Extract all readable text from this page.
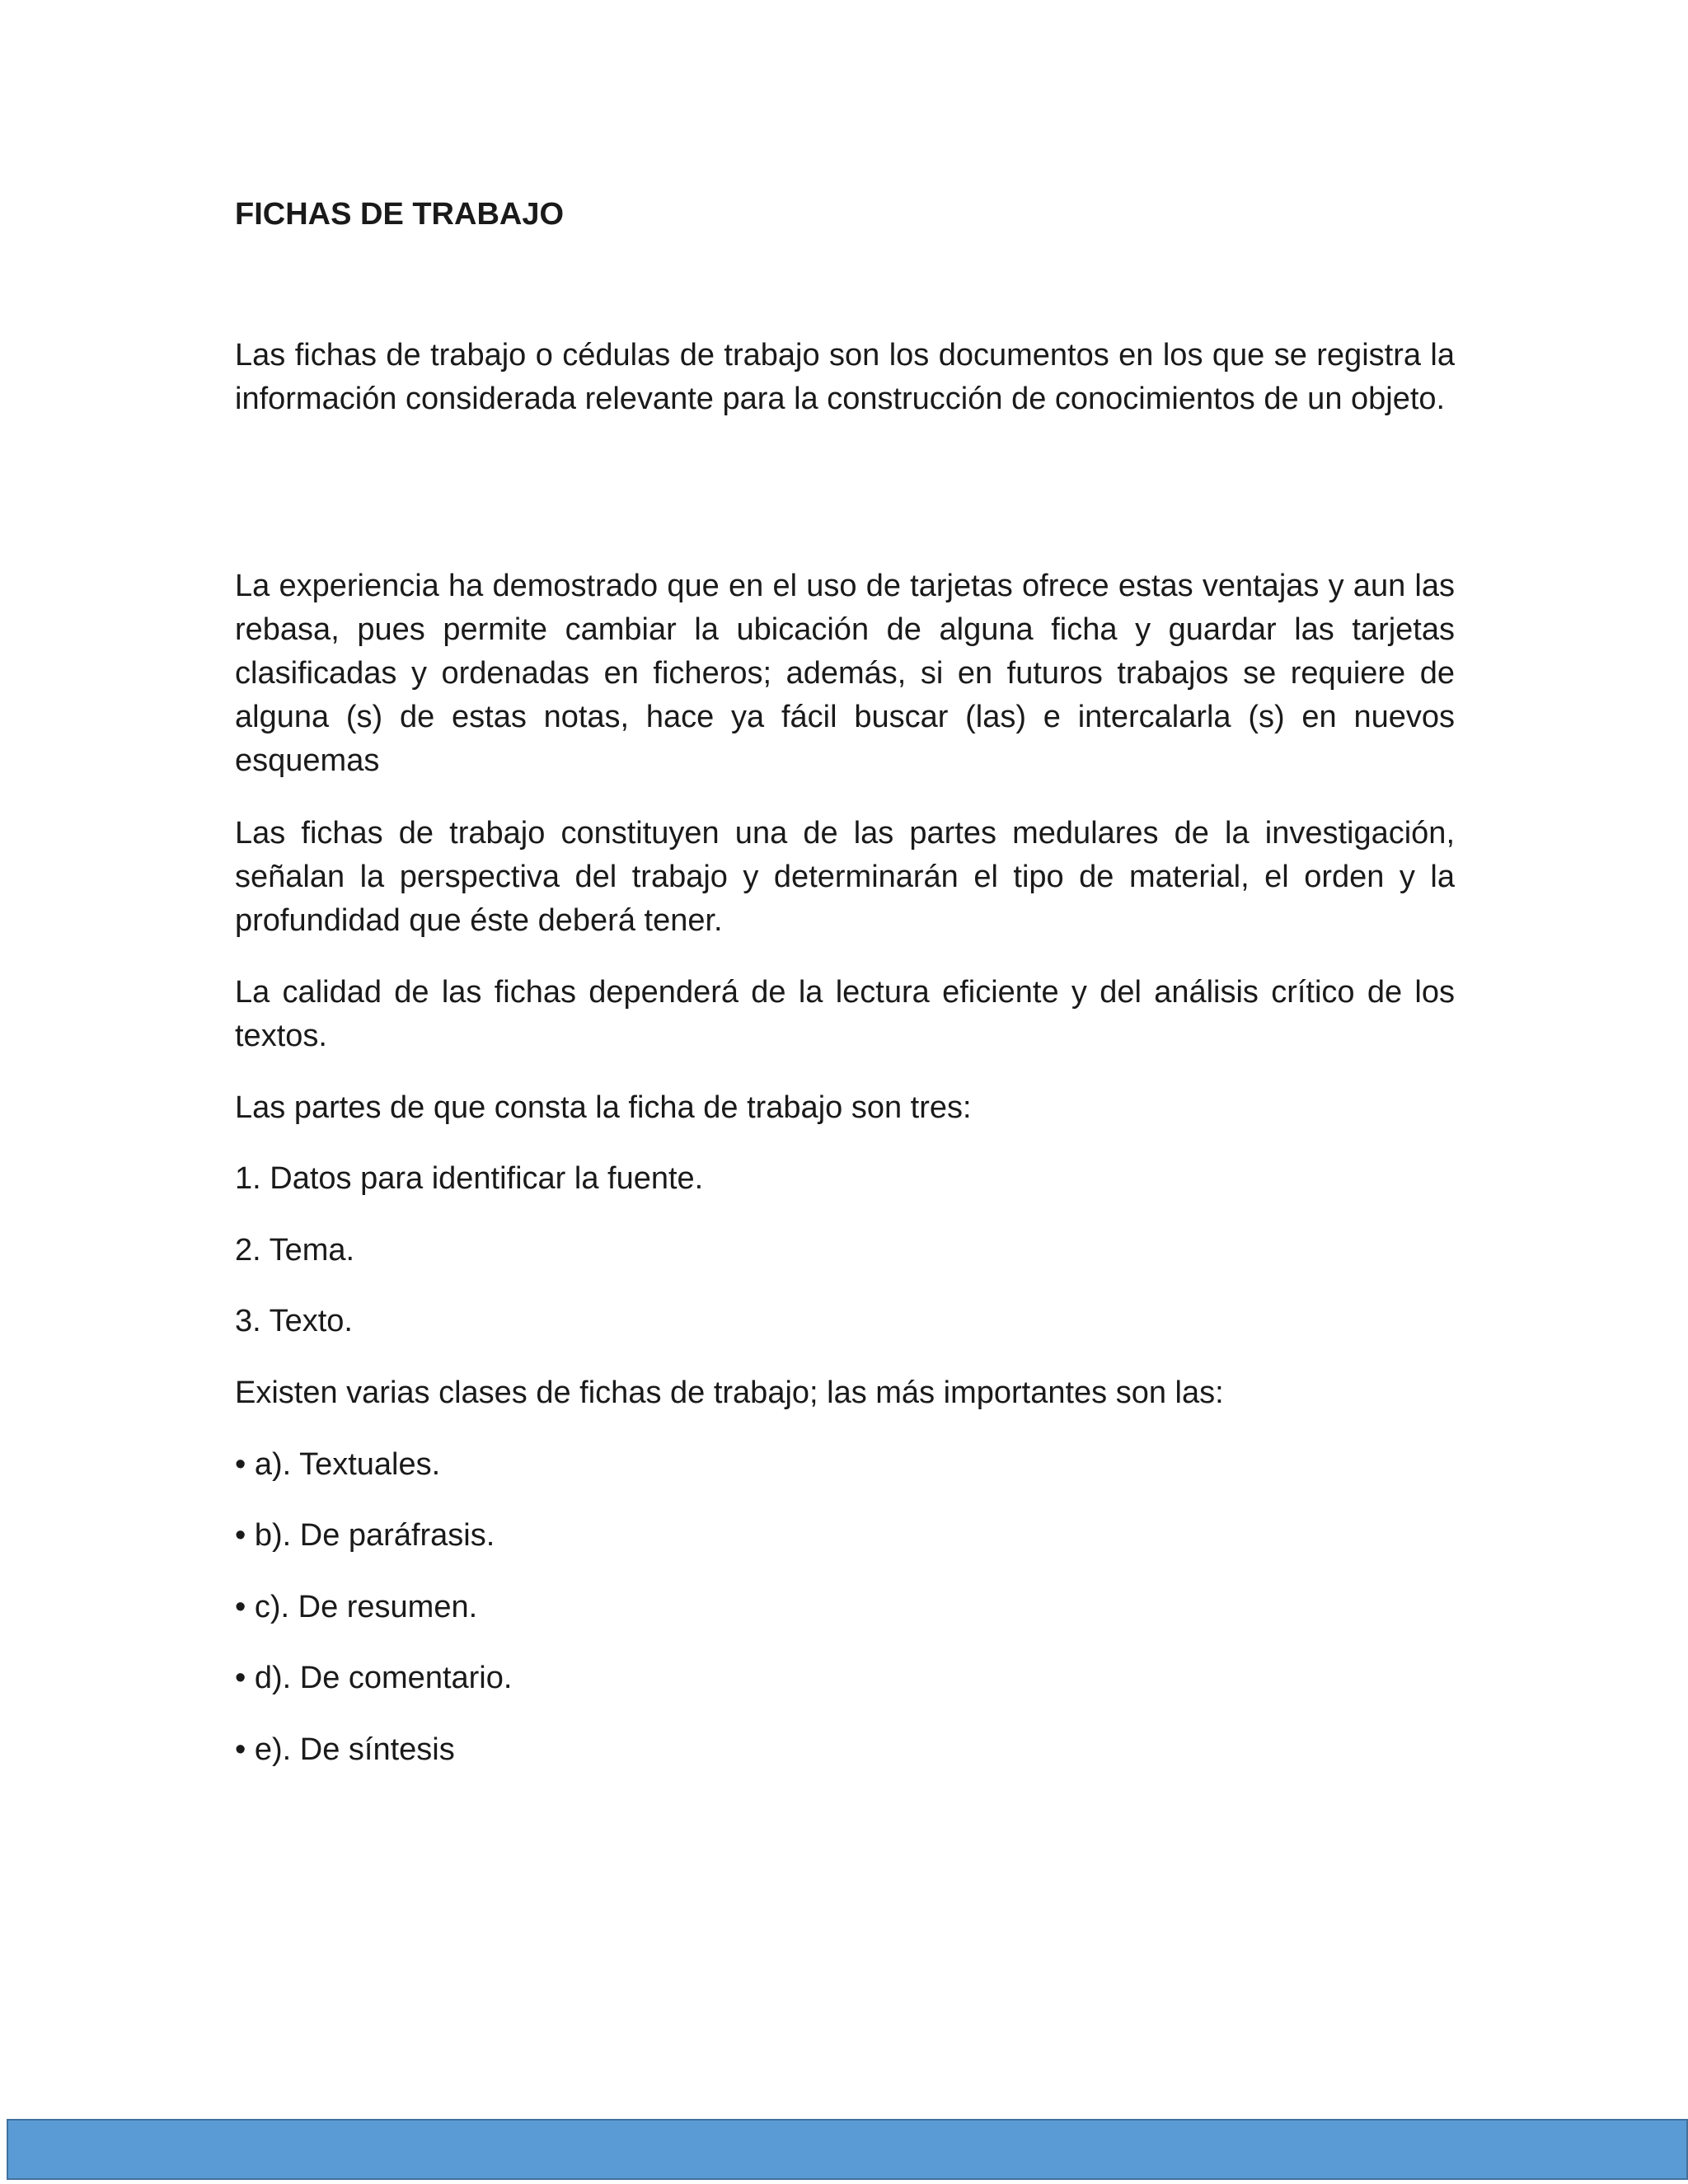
FICHAS DE TRABAJO

Las fichas de trabajo o cédulas de trabajo son los documentos en los que se registra la información considerada relevante para la construcción de conocimientos de un objeto.

La experiencia ha demostrado que en el uso de tarjetas ofrece estas ventajas y aun las rebasa, pues permite cambiar la ubicación de alguna ficha y guardar las tarjetas clasificadas y ordenadas en ficheros; además, si en futuros trabajos se requiere de alguna (s) de estas notas, hace ya fácil buscar (las) e intercalarla (s) en nuevos esquemas

Las fichas de trabajo constituyen una de las partes medulares de la investigación, señalan la perspectiva del trabajo y determinarán el tipo de material, el orden y la profundidad que éste deberá tener.

La calidad de las fichas dependerá de la lectura eficiente y del análisis crítico de los textos.

Las partes de que consta la ficha de trabajo son tres:

1. Datos para identificar la fuente.

2. Tema.

3. Texto.

Existen varias clases de fichas de trabajo; las más importantes son las:

• a). Textuales.

• b). De paráfrasis.

• c). De resumen.

• d). De comentario.

• e). De síntesis
